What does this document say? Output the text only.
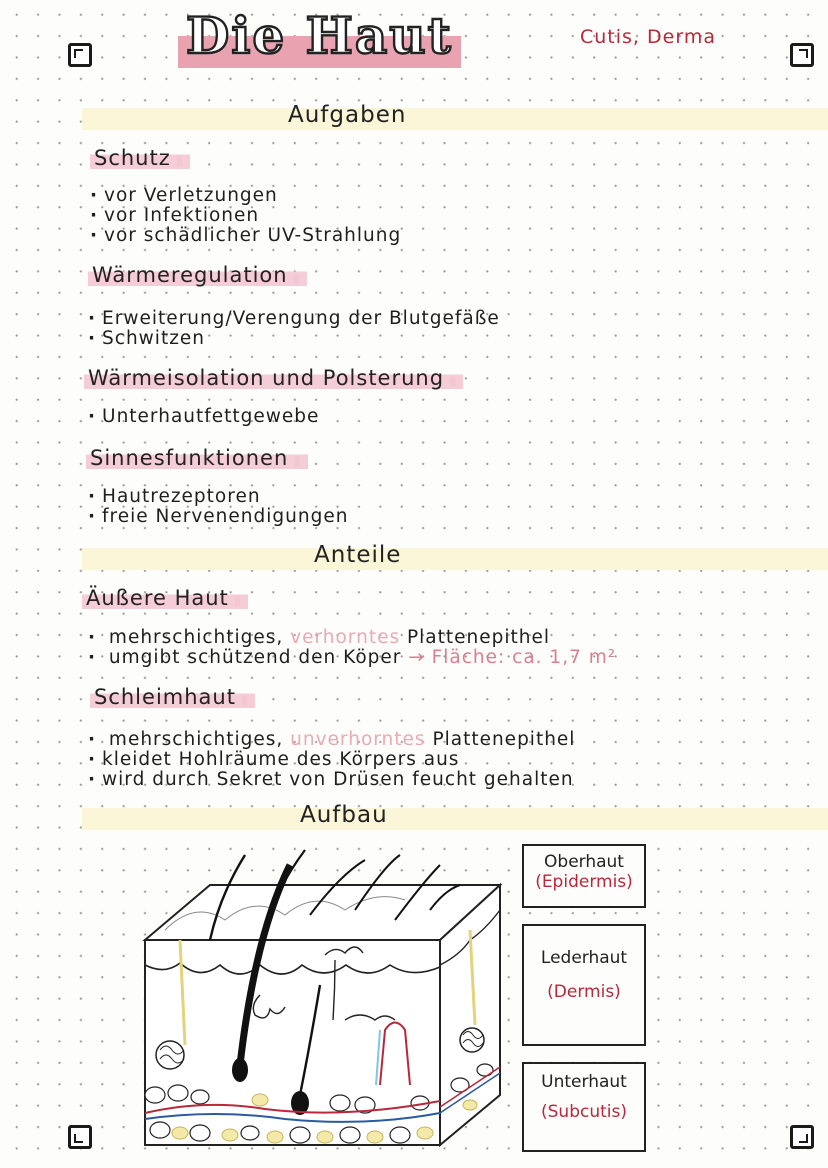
Die Haut	Cutis, Derma
Aufgaben
Schutz ▮
· vor Verletzungen
· vor Infektionen
· vor schädlicher UV-Strahlung
Wärmeregulation ▮
· Erweiterung/Verengung der Blutgefäße
· Schwitzen
Wärmeisolation und Polsterung ▮
· Unterhautfettgewebe
Sinnesfunktionen ▮
· Hautrezeptoren
· freie Nervenendigungen
Anteile
Äußere Haut ▮
· mehrschichtiges, verhorntes Plattenepithel
· umgibt schützend den Köper → Fläche: ca. 1,7 m²
Schleimhaut ▮
· mehrschichtiges, unverhorntes Plattenepithel
· kleidet Hohlräume des Körpers aus
· wird durch Sekret von Drüsen feucht gehalten
Aufbau
Oberhaut
(Epidermis)
Lederhaut
(Dermis)
Unterhaut
(Subcutis)
